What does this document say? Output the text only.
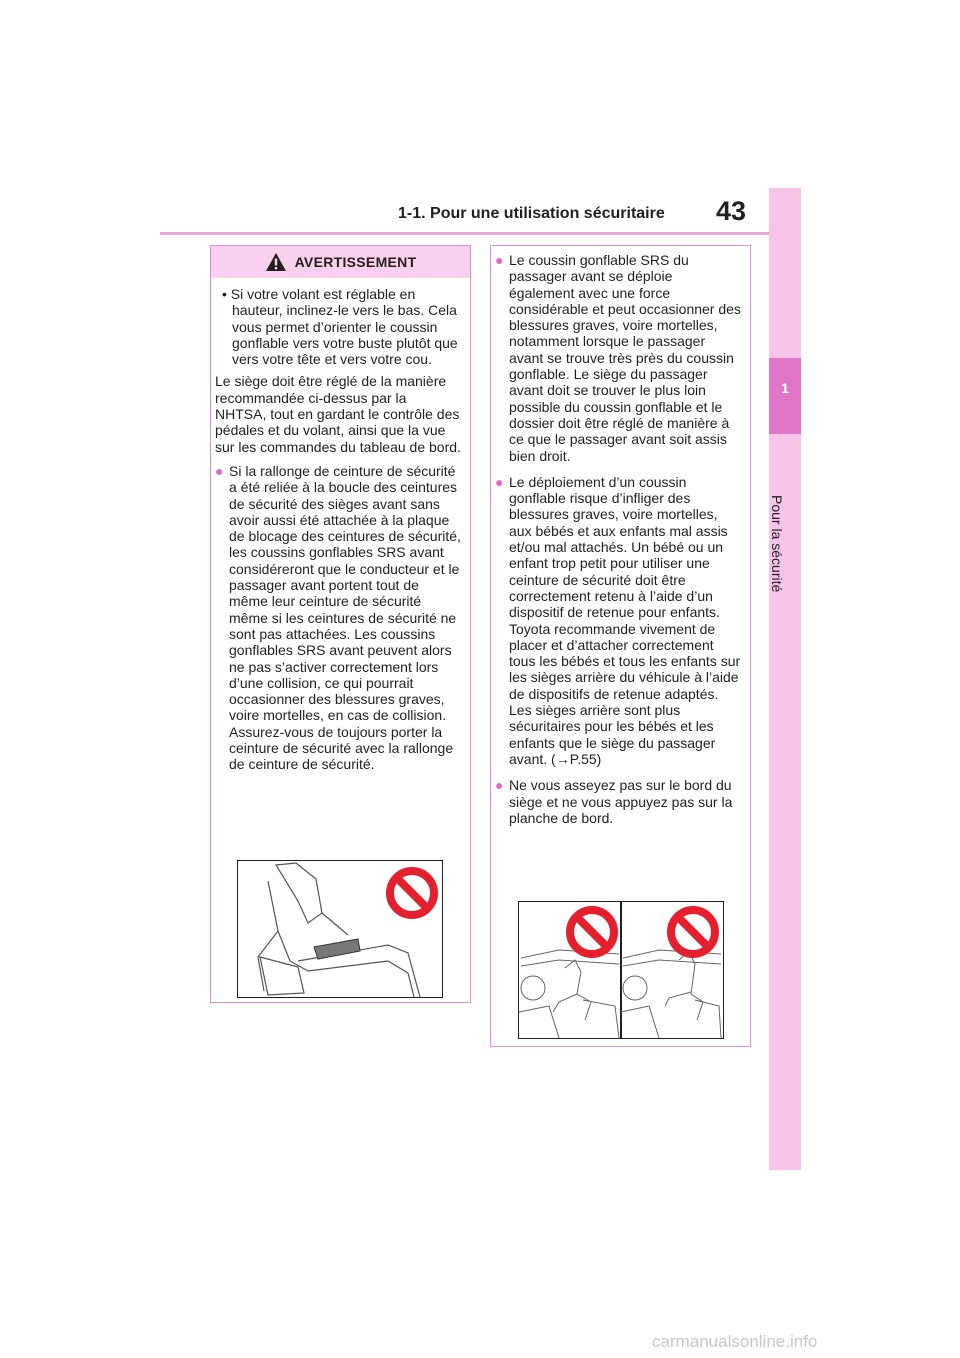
1-1. Pour une utilisation sécuritaire 43
1
Pour la sécurité
AVERTISSEMENT

• Si votre volant est réglable en hauteur, inclinez-le vers le bas. Cela vous permet d’orienter le coussin gonflable vers votre buste plutôt que vers votre tête et vers votre cou.

Le siège doit être réglé de la manière recommandée ci-dessus par la NHTSA, tout en gardant le contrôle des pédales et du volant, ainsi que la vue sur les commandes du tableau de bord.

● Si la rallonge de ceinture de sécurité a été reliée à la boucle des ceintures de sécurité des sièges avant sans avoir aussi été attachée à la plaque de blocage des ceintures de sécurité, les coussins gonflables SRS avant considéreront que le conducteur et le passager avant portent tout de même leur ceinture de sécurité même si les ceintures de sécurité ne sont pas attachées. Les coussins gonflables SRS avant peuvent alors ne pas s’activer correctement lors d’une collision, ce qui pourrait occasionner des blessures graves, voire mortelles, en cas de collision. Assurez-vous de toujours porter la ceinture de sécurité avec la rallonge de ceinture de sécurité.
● Le coussin gonflable SRS du passager avant se déploie également avec une force considérable et peut occasionner des blessures graves, voire mortelles, notamment lorsque le passager avant se trouve très près du coussin gonflable. Le siège du passager avant doit se trouver le plus loin possible du coussin gonflable et le dossier doit être réglé de manière à ce que le passager avant soit assis bien droit.
● Le déploiement d’un coussin gonflable risque d’infliger des blessures graves, voire mortelles, aux bébés et aux enfants mal assis et/ou mal attachés. Un bébé ou un enfant trop petit pour utiliser une ceinture de sécurité doit être correctement retenu à l’aide d’un dispositif de retenue pour enfants. Toyota recommande vivement de placer et d’attacher correctement tous les bébés et tous les enfants sur les sièges arrière du véhicule à l’aide de dispositifs de retenue adaptés. Les sièges arrière sont plus sécuritaires pour les bébés et les enfants que le siège du passager avant. (→P.55)
● Ne vous asseyez pas sur le bord du siège et ne vous appuyez pas sur la planche de bord.
carmanualsonline.info
